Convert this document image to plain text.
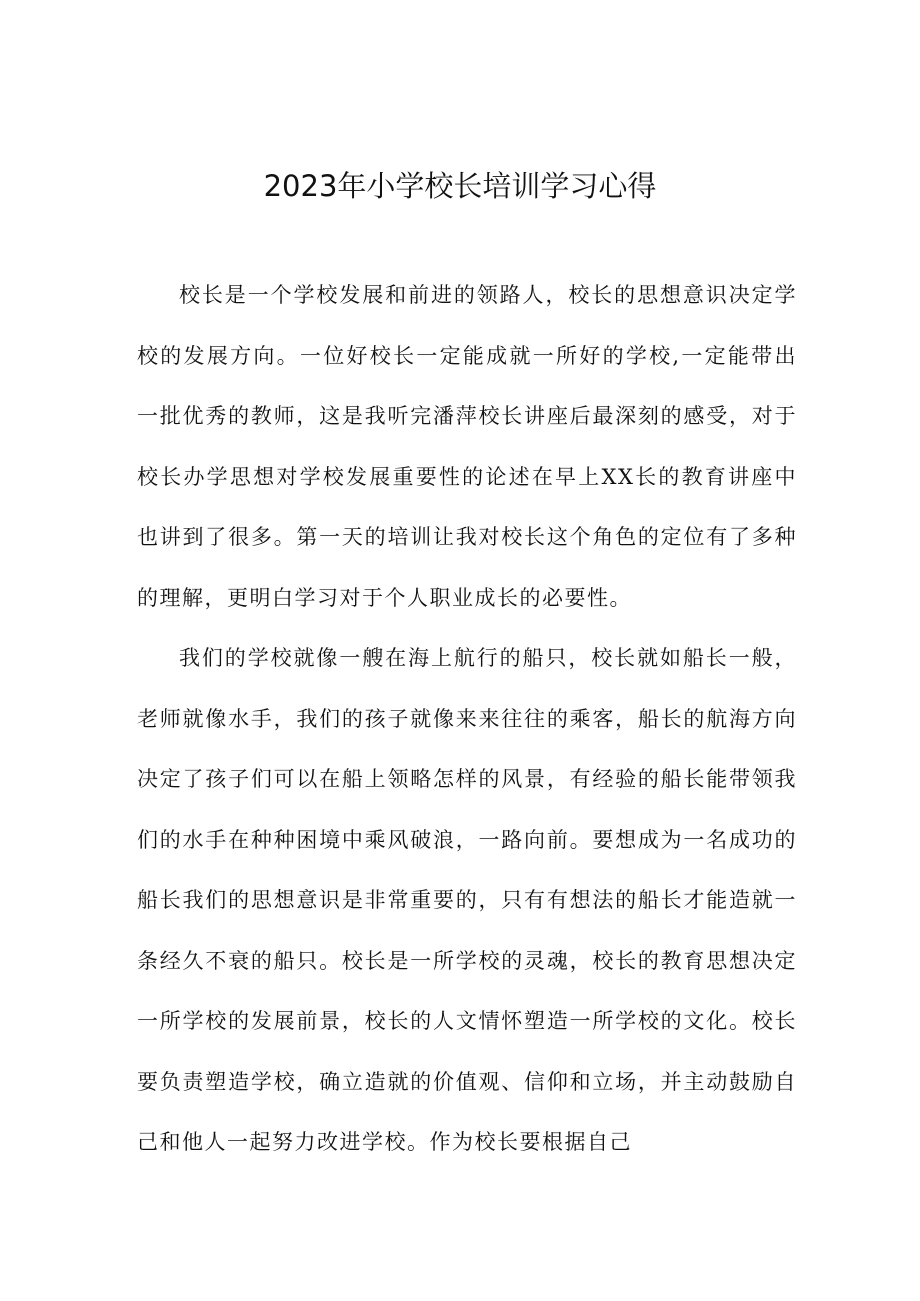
2023年小学校长培训学习心得

校长是一个学校发展和前进的领路人，校长的思想意识决定学校的发展方向。一位好校长一定能成就一所好的学校,一定能带出一批优秀的教师，这是我听完潘萍校长讲座后最深刻的感受，对于校长办学思想对学校发展重要性的论述在早上XX长的教育讲座中也讲到了很多。第一天的培训让我对校长这个角色的定位有了多种的理解，更明白学习对于个人职业成长的必要性。

我们的学校就像一艘在海上航行的船只，校长就如船长一般，老师就像水手，我们的孩子就像来来往往的乘客，船长的航海方向决定了孩子们可以在船上领略怎样的风景，有经验的船长能带领我们的水手在种种困境中乘风破浪，一路向前。要想成为一名成功的船长我们的思想意识是非常重要的，只有有想法的船长才能造就一条经久不衰的船只。校长是一所学校的灵魂，校长的教育思想决定一所学校的发展前景，校长的人文情怀塑造一所学校的文化。校长要负责塑造学校，确立造就的价值观、信仰和立场，并主动鼓励自己和他人一起努力改进学校。作为校长要根据自己
